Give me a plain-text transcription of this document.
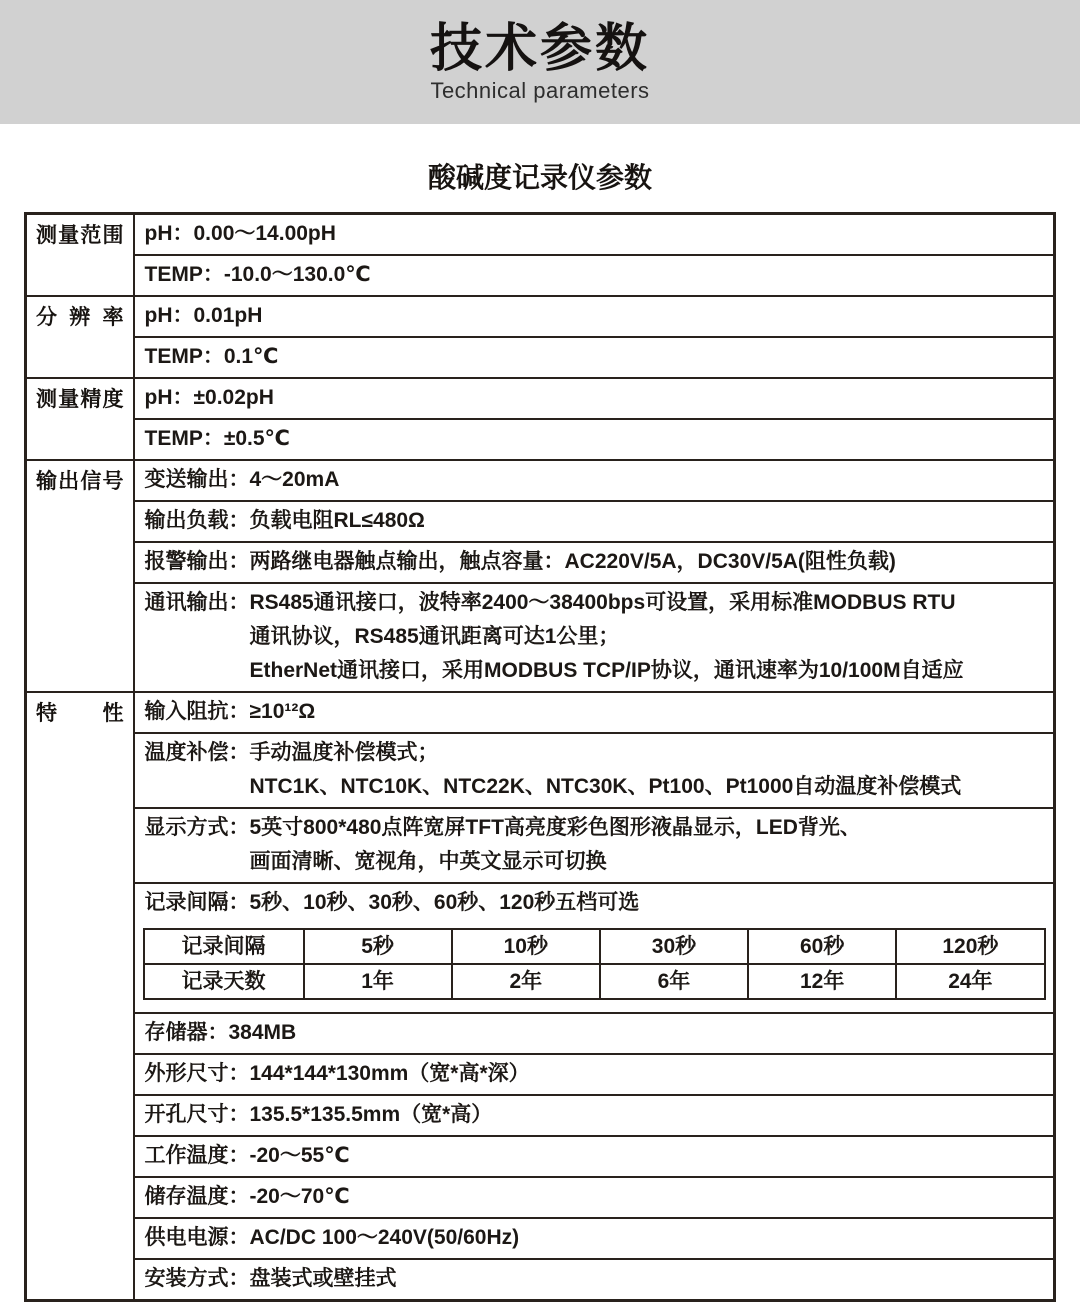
技术参数
Technical parameters
酸碱度记录仪参数
测量范围	pH： 0.00～14.00pH

TEMP： -10.0～130.0℃

分辨率	pH： 0.01pH

TEMP： 0.1℃

测量精度	pH： ±0.02pH

TEMP： ±0.5℃

输出信号	变送输出： 4～20mA

输出负载： 负载电阻RL≤480Ω

报警输出： 两路继电器触点输出，触点容量：AC220V/5A，DC30V/5A(阻性负载)

通讯输出： RS485通讯接口，波特率2400～38400bps可设置，采用标准MODBUS RTU
通讯协议，RS485通讯距离可达1公里；
EtherNet通讯接口，采用MODBUS TCP/IP协议，通讯速率为10/100M自适应

特性	输入阻抗： ≥10¹²Ω

温度补偿： 手动温度补偿模式；
NTC1K、NTC10K、NTC22K、NTC30K、Pt100、Pt1000自动温度补偿模式

显示方式： 5英寸800*480点阵宽屏TFT高亮度彩色图形液晶显示，LED背光、
画面清晰、宽视角，中英文显示可切换

记录间隔： 5秒、10秒、30秒、60秒、120秒五档可选
记录间隔	5秒	10秒	30秒	60秒	120秒
记录天数	1年	2年	6年	12年	24年

存储器： 384MB

外形尺寸： 144*144*130mm（宽*高*深）

开孔尺寸： 135.5*135.5mm（宽*高）

工作温度： -20～55℃

储存温度： -20～70℃

供电电源： AC/DC 100～240V(50/60Hz)

安装方式： 盘装式或壁挂式
